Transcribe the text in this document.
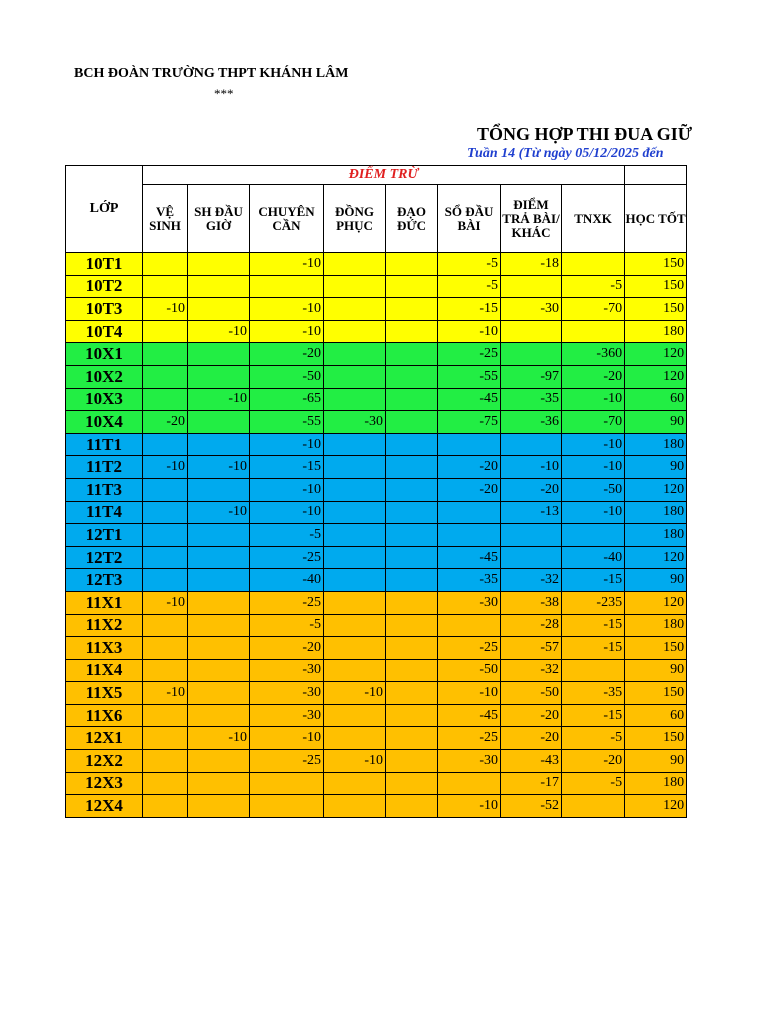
BCH ĐOÀN TRƯỜNG THPT KHÁNH LÂM
***
TỔNG HỢP THI ĐUA GIỮ
Tuần 14 (Từ ngày 05/12/2025 đến
LỚP	ĐIỂM TRỪ								
	VỆ SINH	SH ĐẦU GIỜ	CHUYÊN CẦN	ĐỒNG PHỤC	ĐẠO ĐỨC	SỔ ĐẦU BÀI	ĐIỂM TRẢ BÀI/ KHÁC	TNXK	HỌC TỐT
10T1			-10			-5	-18		150
10T2						-5		-5	150
10T3	-10		-10			-15	-30	-70	150
10T4		-10	-10			-10			180
10X1			-20			-25		-360	120
10X2			-50			-55	-97	-20	120
10X3		-10	-65			-45	-35	-10	60
10X4	-20		-55	-30		-75	-36	-70	90
11T1			-10					-10	180
11T2	-10	-10	-15			-20	-10	-10	90
11T3			-10			-20	-20	-50	120
11T4		-10	-10				-13	-10	180
12T1			-5						180
12T2			-25			-45		-40	120
12T3			-40			-35	-32	-15	90
11X1	-10		-25			-30	-38	-235	120
11X2			-5				-28	-15	180
11X3			-20			-25	-57	-15	150
11X4			-30			-50	-32		90
11X5	-10		-30	-10		-10	-50	-35	150
11X6			-30			-45	-20	-15	60
12X1		-10	-10			-25	-20	-5	150
12X2			-25	-10		-30	-43	-20	90
12X3							-17	-5	180
12X4						-10	-52		120
